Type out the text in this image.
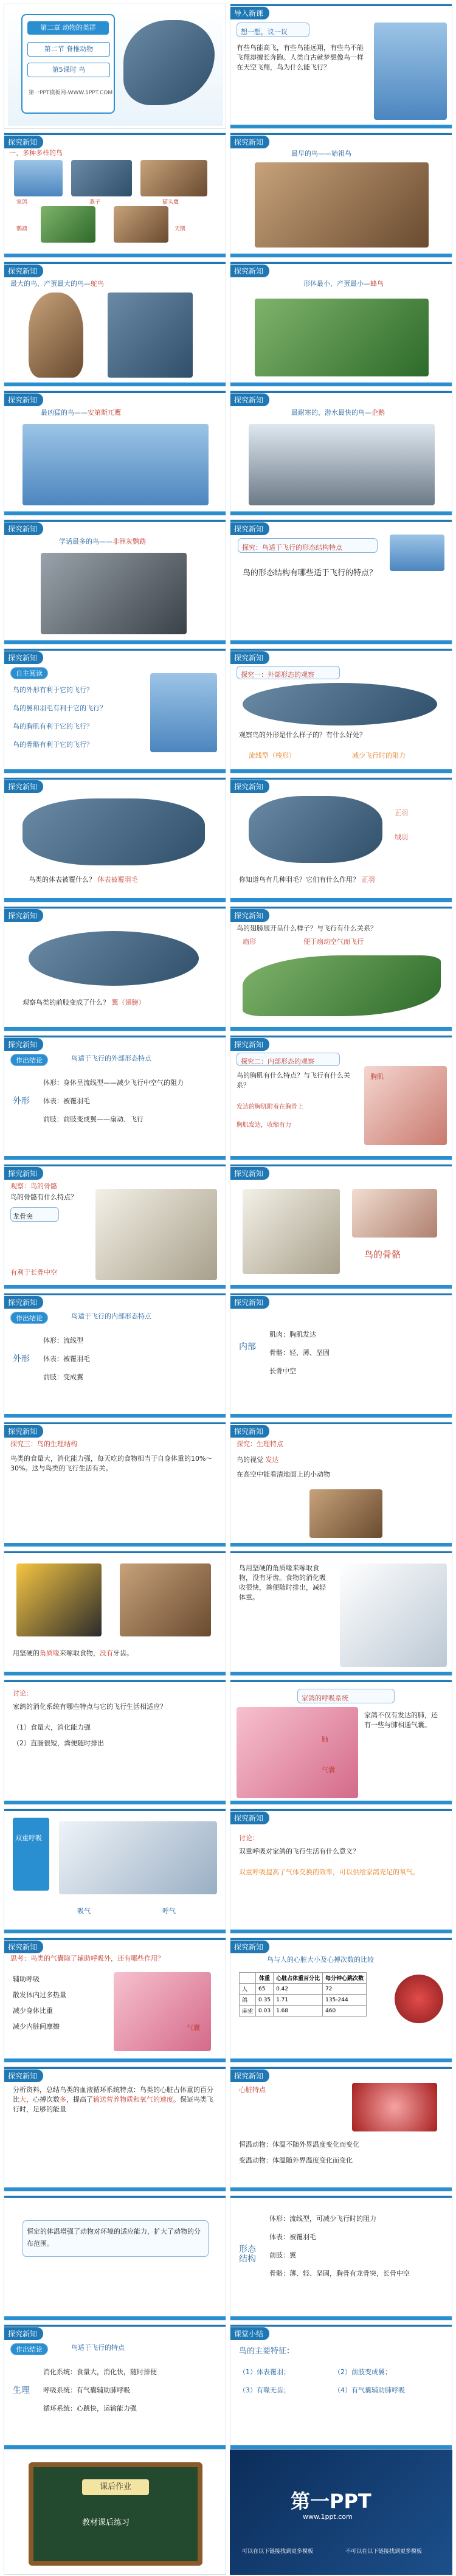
第二章 动物的类群
第二节 脊椎动物
第5课时 鸟
第一PPT模板网-WWW.1PPT.COM
导入新课
想一想，议一议
有些鸟能高飞，有些鸟能远翔，有些鸟不能飞翔却擅长奔跑。人类自古就梦想像鸟一样在天空飞翔，鸟为什么能飞行？
探究新知
一、多种多样的鸟
家鸽	燕子	猫头鹰
鹦鹉	天鹅
探究新知
最早的鸟——始祖鸟
探究新知
最大的鸟、产蛋最大的鸟—鸵鸟
探究新知
形体最小、产蛋最小—蜂鸟
探究新知
最凶猛的鸟——安第斯兀鹰
探究新知
最耐寒的、游水最快的鸟—企鹅
探究新知
学话最多的鸟——非洲灰鹦鹉
探究新知
探究：鸟适于飞行的形态结构特点
鸟的形态结构有哪些适于飞行的特点？
探究新知
自主阅读
鸟的外形有利于它的飞行？
鸟的翼和羽毛有利于它的飞行？
鸟的胸肌有利于它的飞行？
鸟的骨骼有利于它的飞行？
探究新知
探究一：外部形态的观察
观察鸟的外形是什么样子的？有什么好处？
流线型（梭形）	减少飞行时的阻力
探究新知
鸟类的体表被覆什么？ 体表被覆羽毛
探究新知
正羽
绒羽
你知道鸟有几种羽毛？它们有什么作用？ 正羽
探究新知
观察鸟类的前肢变成了什么？ 翼（翅膀）
探究新知
鸟的翅膀展开呈什么样子？与飞行有什么关系？
扇形	便于扇动空气而飞行
探究新知
作出结论	鸟适于飞行的外部形态特点
外形
体形：身体呈流线型——减少飞行中空气的阻力
体表：被覆羽毛
前肢：前肢变成翼——扇动、飞行
探究新知
探究二：内部形态的观察
鸟的胸肌有什么特点？与飞行有什么关系？
发达的胸肌附着在胸骨上
胸肌发达，收缩有力
胸肌
探究新知
观察：鸟的骨骼
鸟的骨骼有什么特点？
龙骨突
有利于长骨中空
探究新知
鸟的骨骼
探究新知
作出结论	鸟适于飞行的内部形态特点
外形
体形：流线型
体表：被覆羽毛
前肢：变成翼
探究新知
内部
肌肉：胸肌发达
骨骼：轻、薄、坚固
长骨中空
探究新知
探究三：鸟的生理结构
鸟类的食量大，消化能力强，每天吃的食物相当于自身体重的10%～30%。这与鸟类的飞行生活有关。
探究新知
探究：生理特点
鸟的视觉 发达
在高空中能看清地面上的小动物
用坚硬的角质喙来啄取食物，没有牙齿。
鸟用坚硬的角质喙来啄取食物，没有牙齿。食物的消化吸收很快，粪便随时排出，减轻体重。
讨论：
家鸽的消化系统有哪些特点与它的飞行生活相适应？
（1）食量大，消化能力强
（2）直肠很短，粪便随时排出
家鸽的呼吸系统
家鸽不仅有发达的肺，还有一些与肺相通气囊。
肺
气囊
双重呼吸
吸气	呼气
探究新知
讨论：
双重呼吸对家鸽的飞行生活有什么意义？
双重呼吸提高了气体交换的效率，可以供给家鸽充足的氧气。
探究新知
思考：鸟类的气囊除了辅助呼吸外，还有哪些作用？
辅助呼吸
散发体内过多热量
减少身体比重
减少内脏间摩擦	气囊
探究新知
鸟与人的心脏大小及心搏次数的比较
	体重	心脏占体重百分比	每分钟心跳次数
人	65	0.42	72
鸽	0.35	1.71	135-244
麻雀	0.03	1.68	460
探究新知
分析资料，总结鸟类的血液循环系统特点：鸟类的心脏占体重的百分比大，心搏次数多，提高了输送营养物质和氧气的速度。保证鸟类飞行时，足够的能量
探究新知
心脏特点
恒温动物：体温不随外界温度变化而变化
变温动物：体温随外界温度变化而变化
恒定的体温增强了动物对环境的适应能力，扩大了动物的分布范围。
形态结构
体形：流线型，可减少飞行时的阻力
体表：被覆羽毛
前肢：翼
骨骼：薄、轻、坚固，胸骨有龙骨突，长骨中空
探究新知
作出结论	鸟适于飞行的特点
生理
消化系统：食量大，消化快，随时排便
呼吸系统：有气囊辅助肺呼吸
循环系统：心跳快，运输能力强
课堂小结
鸟的主要特征：
（1）体表覆羽；	（2）前肢变成翼；
（3）有喙无齿；	（4）有气囊辅助肺呼吸
课后作业
教材课后练习
第一PPT
www.1ppt.com
可以在以下链接找到更多模板	不可以在以下链接找到更多模板
